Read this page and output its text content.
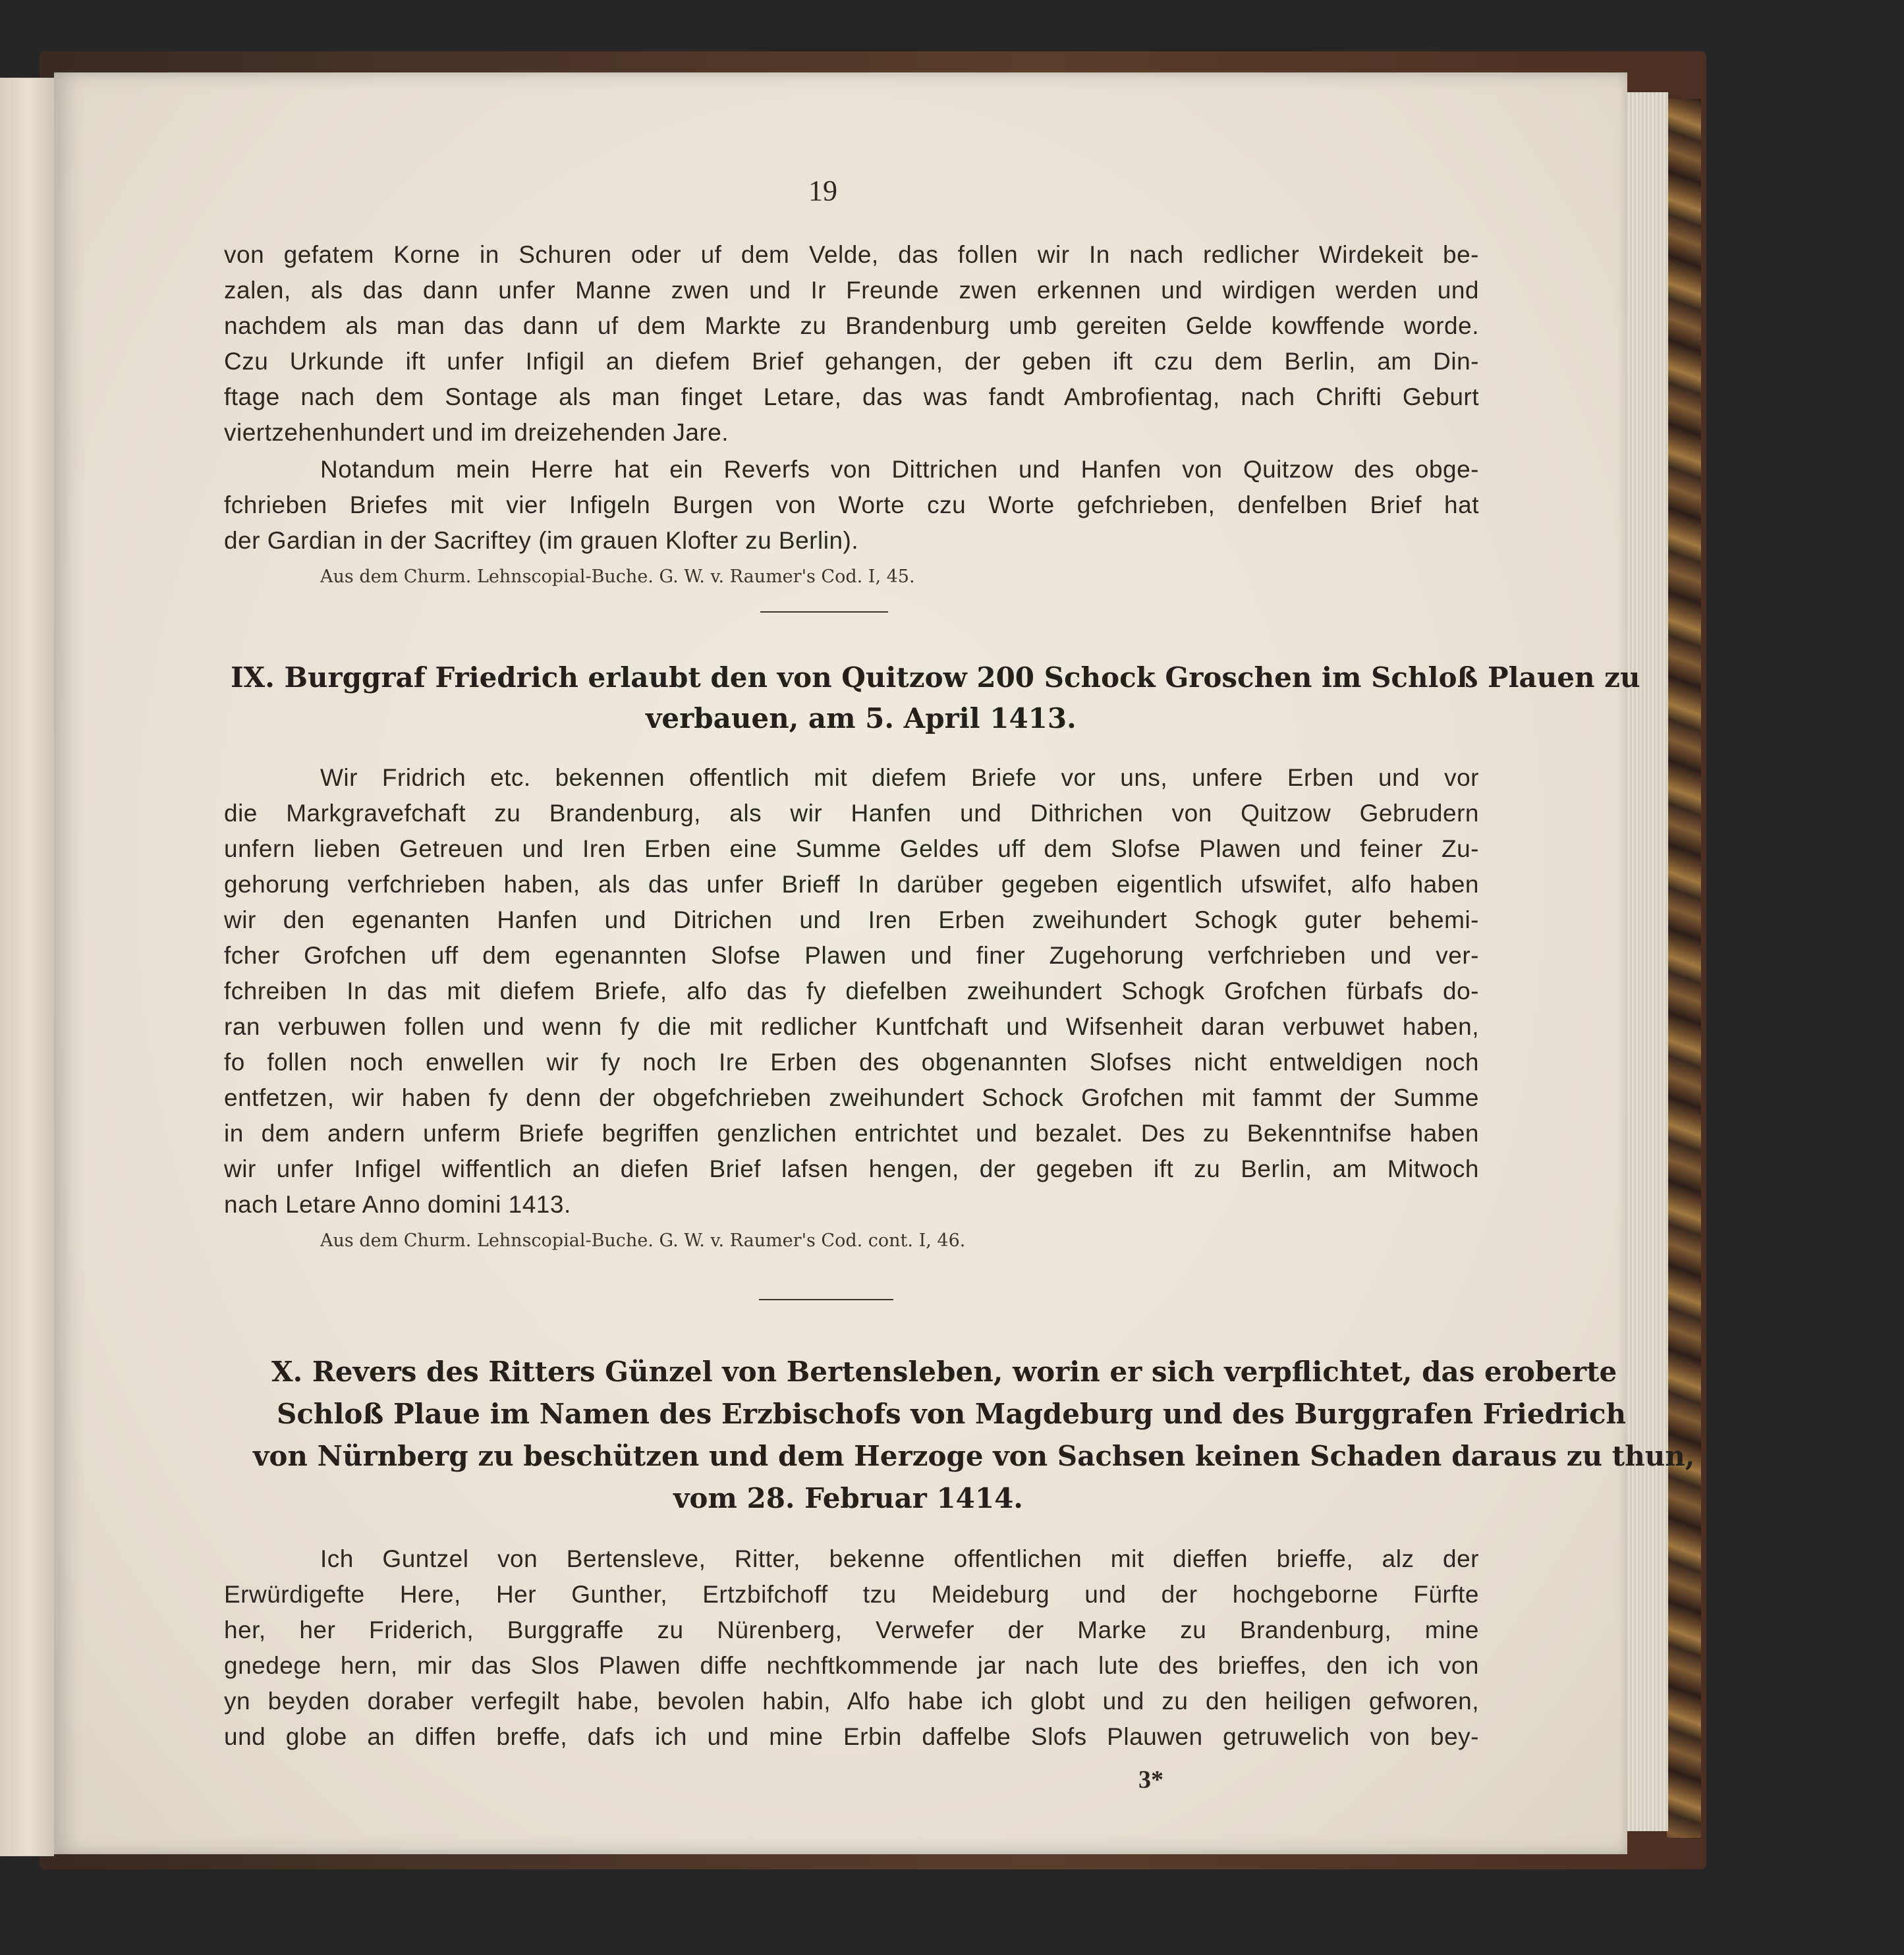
19

von gefatem Korne in Schuren oder uf dem Velde, das follen wir In nach redlicher Wirdekeit be-

zalen, als das dann unfer Manne zwen und Ir Freunde zwen erkennen und wirdigen werden und

nachdem als man das dann uf dem Markte zu Brandenburg umb gereiten Gelde kowffende worde.

Czu Urkunde ift unfer Infigil an diefem Brief gehangen, der geben ift czu dem Berlin, am Din-

ftage nach dem Sontage als man finget Letare, das was fandt Ambrofientag, nach Chrifti Geburt

viertzehenhundert und im dreizehenden Jare.

Notandum mein Herre hat ein Reverfs von Dittrichen und Hanfen von Quitzow des obge-

fchrieben Briefes mit vier Infigeln Burgen von Worte czu Worte gefchrieben, denfelben Brief hat

der Gardian in der Sacriftey (im grauen Klofter zu Berlin).

Aus dem Churm. Lehnscopial-Buche. G. W. v. Raumer's Cod. I, 45.

IX. Burggraf Friedrich erlaubt den von Quitzow 200 Schock Groschen im Schloß Plauen zu

verbauen, am 5. April 1413.

Wir Fridrich etc. bekennen offentlich mit diefem Briefe vor uns, unfere Erben und vor

die Markgravefchaft zu Brandenburg, als wir Hanfen und Dithrichen von Quitzow Gebrudern

unfern lieben Getreuen und Iren Erben eine Summe Geldes uff dem Slofse Plawen und feiner Zu-

gehorung verfchrieben haben, als das unfer Brieff In darüber gegeben eigentlich ufswifet, alfo haben

wir den egenanten Hanfen und Ditrichen und Iren Erben zweihundert Schogk guter behemi-

fcher Grofchen uff dem egenannten Slofse Plawen und finer Zugehorung verfchrieben und ver-

fchreiben In das mit diefem Briefe, alfo das fy diefelben zweihundert Schogk Grofchen fürbafs do-

ran verbuwen follen und wenn fy die mit redlicher Kuntfchaft und Wifsenheit daran verbuwet haben,

fo follen noch enwellen wir fy noch Ire Erben des obgenannten Slofses nicht entweldigen noch

entfetzen, wir haben fy denn der obgefchrieben zweihundert Schock Grofchen mit fammt der Summe

in dem andern unferm Briefe begriffen genzlichen entrichtet und bezalet. Des zu Bekenntnifse haben

wir unfer Infigel wiffentlich an diefen Brief lafsen hengen, der gegeben ift zu Berlin, am Mitwoch

nach Letare Anno domini 1413.

Aus dem Churm. Lehnscopial-Buche. G. W. v. Raumer's Cod. cont. I, 46.

X. Revers des Ritters Günzel von Bertensleben, worin er sich verpflichtet, das eroberte

Schloß Plaue im Namen des Erzbischofs von Magdeburg und des Burggrafen Friedrich

von Nürnberg zu beschützen und dem Herzoge von Sachsen keinen Schaden daraus zu thun,

vom 28. Februar 1414.

Ich Guntzel von Bertensleve, Ritter, bekenne offentlichen mit dieffen brieffe, alz der

Erwürdigefte Here, Her Gunther, Ertzbifchoff tzu Meideburg und der hochgeborne Fürfte

her, her Friderich, Burggraffe zu Nürenberg, Verwefer der Marke zu Brandenburg, mine

gnedege hern, mir das Slos Plawen diffe nechftkommende jar nach lute des brieffes, den ich von

yn beyden doraber verfegilt habe, bevolen habin, Alfo habe ich globt und zu den heiligen gefworen,

und globe an diffen breffe, dafs ich und mine Erbin daffelbe Slofs Plauwen getruwelich von bey-

3*
